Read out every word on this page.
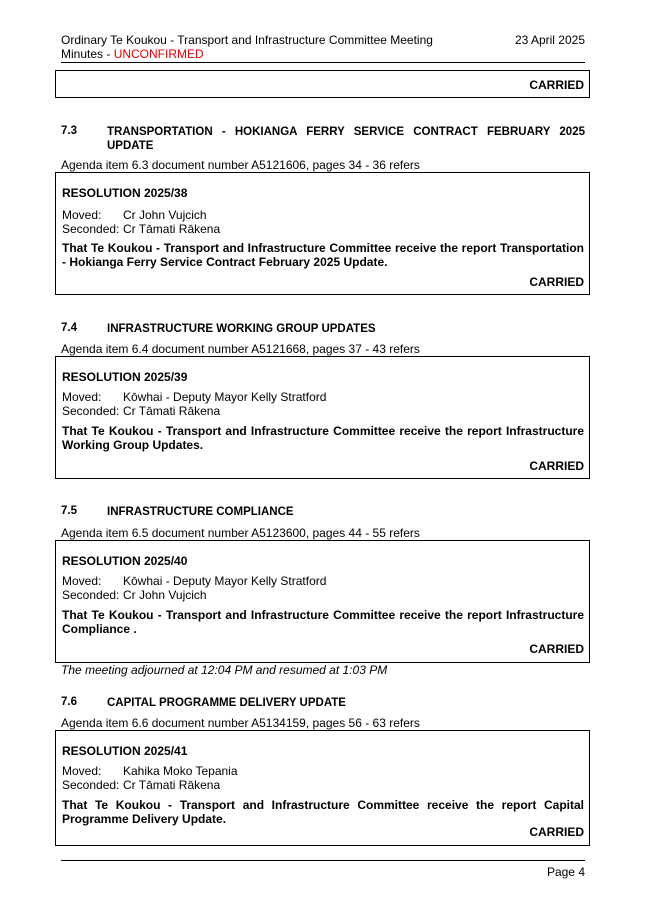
Ordinary Te Koukou - Transport and Infrastructure Committee Meeting
Minutes - UNCONFIRMED
23 April 2025
CARRIED
7.3	TRANSPORTATION - HOKIANGA FERRY SERVICE CONTRACT FEBRUARY 2025 UPDATE
Agenda item 6.3 document number A5121606, pages 34 - 36 refers
RESOLUTION 2025/38
Moved: Cr John Vujcich
Seconded: Cr Tāmati Rākena
That Te Koukou - Transport and Infrastructure Committee receive the report Transportation - Hokianga Ferry Service Contract February 2025 Update.
CARRIED
7.4	INFRASTRUCTURE WORKING GROUP UPDATES
Agenda item 6.4 document number A5121668, pages 37 - 43 refers
RESOLUTION 2025/39
Moved: Kōwhai - Deputy Mayor Kelly Stratford
Seconded: Cr Tāmati Rākena
That Te Koukou - Transport and Infrastructure Committee receive the report Infrastructure Working Group Updates.
CARRIED
7.5	INFRASTRUCTURE COMPLIANCE
Agenda item 6.5 document number A5123600, pages 44 - 55 refers
RESOLUTION 2025/40
Moved: Kōwhai - Deputy Mayor Kelly Stratford
Seconded: Cr John Vujcich
That Te Koukou - Transport and Infrastructure Committee receive the report Infrastructure Compliance .
CARRIED
The meeting adjourned at 12:04 PM and resumed at 1:03 PM
7.6	CAPITAL PROGRAMME DELIVERY UPDATE
Agenda item 6.6 document number A5134159, pages 56 - 63 refers
RESOLUTION 2025/41
Moved: Kahika Moko Tepania
Seconded: Cr Tāmati Rākena
That Te Koukou - Transport and Infrastructure Committee receive the report Capital Programme Delivery Update.
CARRIED
Page 4
